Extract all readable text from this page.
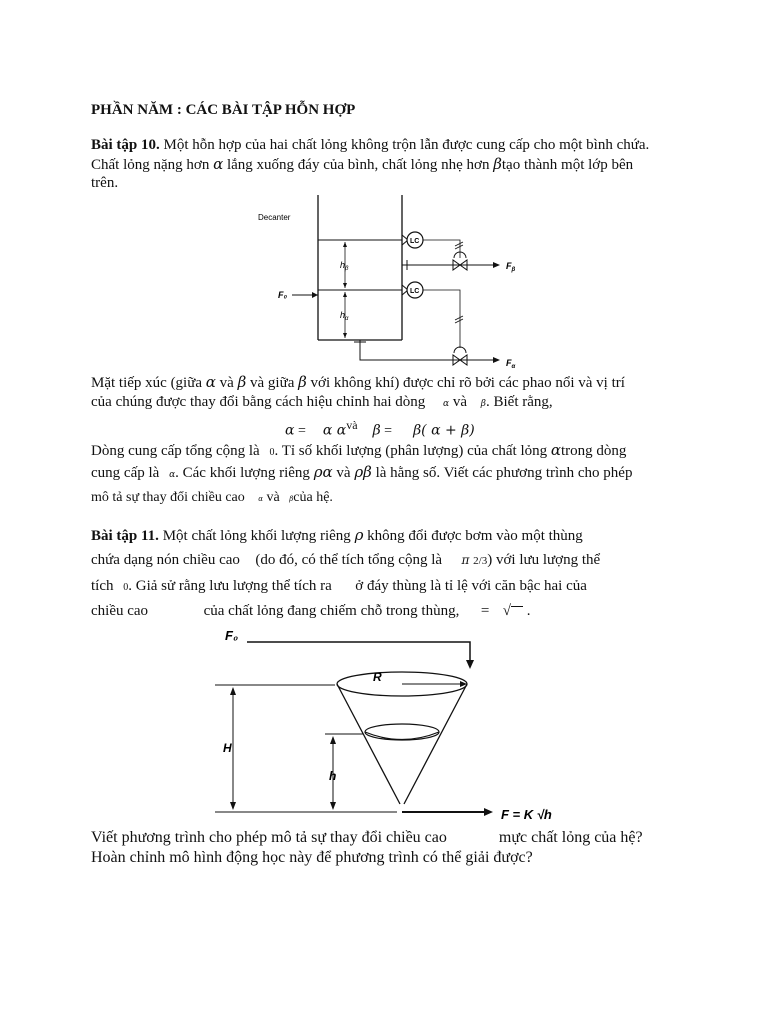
PHẦN NĂM : CÁC BÀI TẬP HỖN HỢP
Bài tập 10. Một hỗn hợp của hai chất lỏng không trộn lẫn được cung cấp cho một bình chứa.
Chất lỏng nặng hơn α lắng xuống đáy của bình, chất lỏng nhẹ hơn βtạo thành một lớp bên
trên.
Decanter
$h_\beta$
$h_\alpha$
F₀
LC
LC
$F_\beta$
$F_\alpha$
Mặt tiếp xúc (giữa α và β và giữa β với không khí) được chỉ rõ bởi các phao nổi và vị trí
của chúng được thay đổi bằng cách hiệu chỉnh hai dòng α và β. Biết rằng,
α = α $\alpha^{và}$ β = β( α + β)
Dòng cung cấp tổng cộng là 0. Tỉ số khối lượng (phân lượng) của chất lỏng αtrong dòng
cung cấp là α. Các khối lượng riêng ρα và ρβ là hằng số. Viết các phương trình cho phép
mô tả sự thay đổi chiều cao α và βcủa hệ.
Bài tập 11. Một chất lỏng khối lượng riêng ρ không đổi được bơm vào một thùng
chứa dạng nón chiều cao (do đó, có thể tích tổng cộng là π 2/3) với lưu lượng thể
tích 0. Giả sử rằng lưu lượng thể tích ra ở đáy thùng là tỉ lệ với căn bậc hai của
chiều cao	của chất lỏng đang chiếm chỗ trong thùng, = √ .
F₀
R
H
h
F = K √h
Viết phương trình cho phép mô tả sự thay đổi chiều cao	mực chất lỏng của hệ?
Hoàn chỉnh mô hình động học này để phương trình có thể giải được?
